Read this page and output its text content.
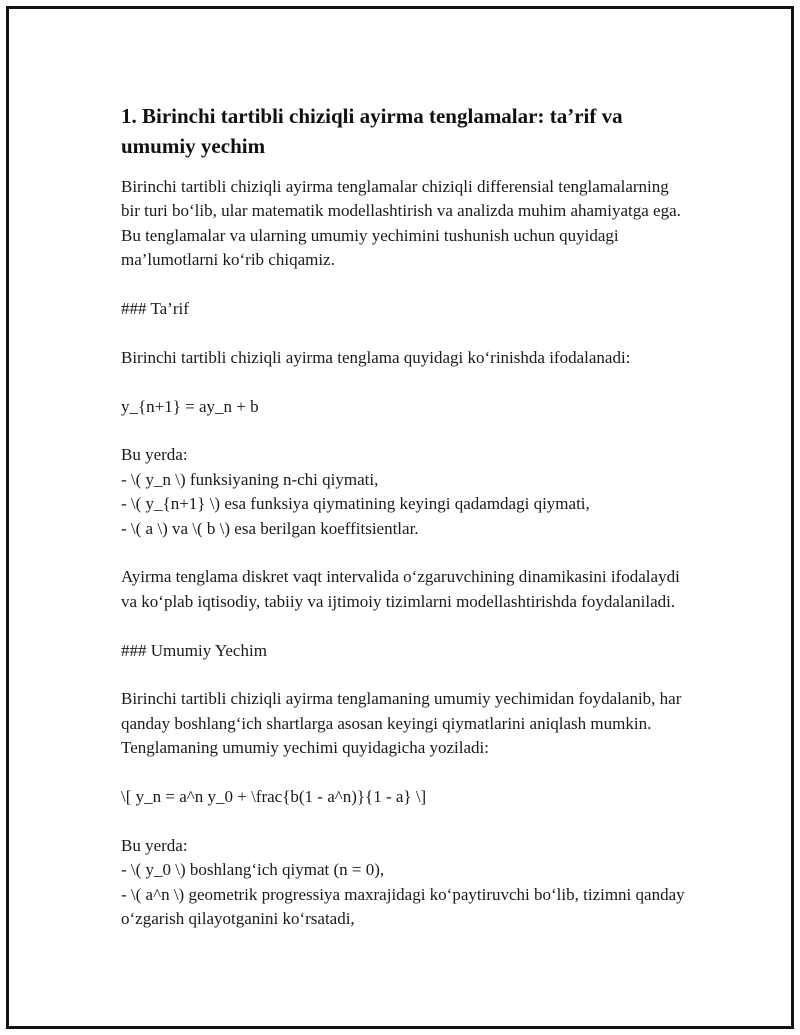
1. Birinchi tartibli chiziqli ayirma tenglamalar: ta’rif va umumiy yechim

Birinchi tartibli chiziqli ayirma tenglamalar chiziqli differensial tenglamalarning bir turi bo‘lib, ular matematik modellashtirish va analizda muhim ahamiyatga ega. Bu tenglamalar va ularning umumiy yechimini tushunish uchun quyidagi ma’lumotlarni ko‘rib chiqamiz.

### Ta’rif

Birinchi tartibli chiziqli ayirma tenglama quyidagi ko‘rinishda ifodalanadi:

y_{n+1} = ay_n + b

Bu yerda:

- \( y_n \) funksiyaning n-chi qiymati,

- \( y_{n+1} \) esa funksiya qiymatining keyingi qadamdagi qiymati,

- \( a \) va \( b \) esa berilgan koeffitsientlar.

Ayirma tenglama diskret vaqt intervalida o‘zgaruvchining dinamikasini ifodalaydi va ko‘plab iqtisodiy, tabiiy va ijtimoiy tizimlarni modellashtirishda foydalaniladi.

### Umumiy Yechim

Birinchi tartibli chiziqli ayirma tenglamaning umumiy yechimidan foydalanib, har qanday boshlang‘ich shartlarga asosan keyingi qiymatlarini aniqlash mumkin. Tenglamaning umumiy yechimi quyidagicha yoziladi:

\[ y_n = a^n y_0 + \frac{b(1 - a^n)}{1 - a} \]

Bu yerda:

- \( y_0 \) boshlang‘ich qiymat (n = 0),

- \( a^n \) geometrik progressiya maxrajidagi ko‘paytiruvchi bo‘lib, tizimni qanday o‘zgarish qilayotganini ko‘rsatadi,
